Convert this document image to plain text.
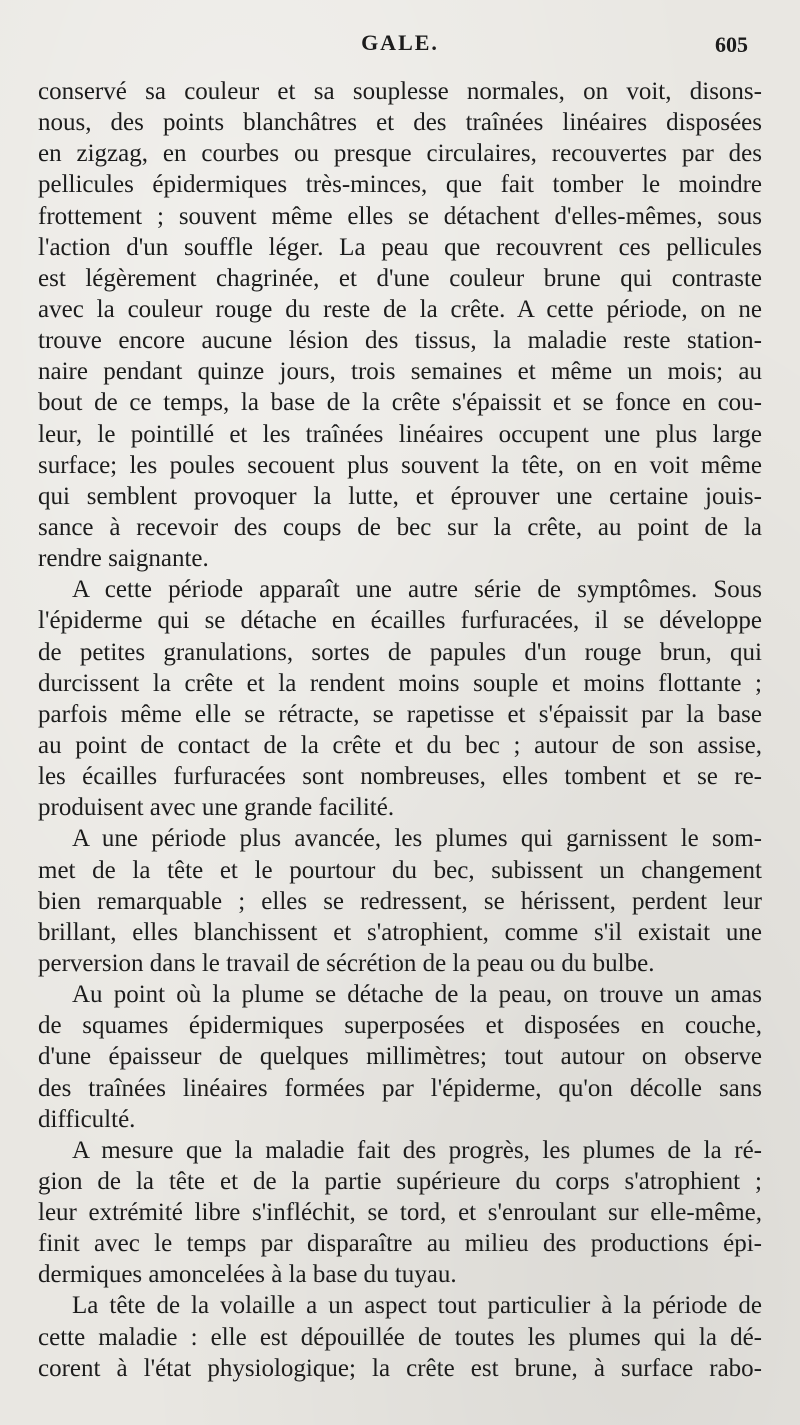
GALE.	605
conservé sa couleur et sa souplesse normales, on voit, disons-
nous, des points blanchâtres et des traînées linéaires disposées
en zigzag, en courbes ou presque circulaires, recouvertes par des
pellicules épidermiques très-minces, que fait tomber le moindre
frottement ; souvent même elles se détachent d'elles-mêmes, sous
l'action d'un souffle léger. La peau que recouvrent ces pellicules
est légèrement chagrinée, et d'une couleur brune qui contraste
avec la couleur rouge du reste de la crête. A cette période, on ne
trouve encore aucune lésion des tissus, la maladie reste station-
naire pendant quinze jours, trois semaines et même un mois; au
bout de ce temps, la base de la crête s'épaissit et se fonce en cou-
leur, le pointillé et les traînées linéaires occupent une plus large
surface; les poules secouent plus souvent la tête, on en voit même
qui semblent provoquer la lutte, et éprouver une certaine jouis-
sance à recevoir des coups de bec sur la crête, au point de la
rendre saignante.
A cette période apparaît une autre série de symptômes. Sous
l'épiderme qui se détache en écailles furfuracées, il se développe
de petites granulations, sortes de papules d'un rouge brun, qui
durcissent la crête et la rendent moins souple et moins flottante ;
parfois même elle se rétracte, se rapetisse et s'épaissit par la base
au point de contact de la crête et du bec ; autour de son assise,
les écailles furfuracées sont nombreuses, elles tombent et se re-
produisent avec une grande facilité.
A une période plus avancée, les plumes qui garnissent le som-
met de la tête et le pourtour du bec, subissent un changement
bien remarquable ; elles se redressent, se hérissent, perdent leur
brillant, elles blanchissent et s'atrophient, comme s'il existait une
perversion dans le travail de sécrétion de la peau ou du bulbe.
Au point où la plume se détache de la peau, on trouve un amas
de squames épidermiques superposées et disposées en couche,
d'une épaisseur de quelques millimètres; tout autour on observe
des traînées linéaires formées par l'épiderme, qu'on décolle sans
difficulté.
A mesure que la maladie fait des progrès, les plumes de la ré-
gion de la tête et de la partie supérieure du corps s'atrophient ;
leur extrémité libre s'infléchit, se tord, et s'enroulant sur elle-même,
finit avec le temps par disparaître au milieu des productions épi-
dermiques amoncelées à la base du tuyau.
La tête de la volaille a un aspect tout particulier à la période de
cette maladie : elle est dépouillée de toutes les plumes qui la dé-
corent à l'état physiologique; la crête est brune, à surface rabo-
